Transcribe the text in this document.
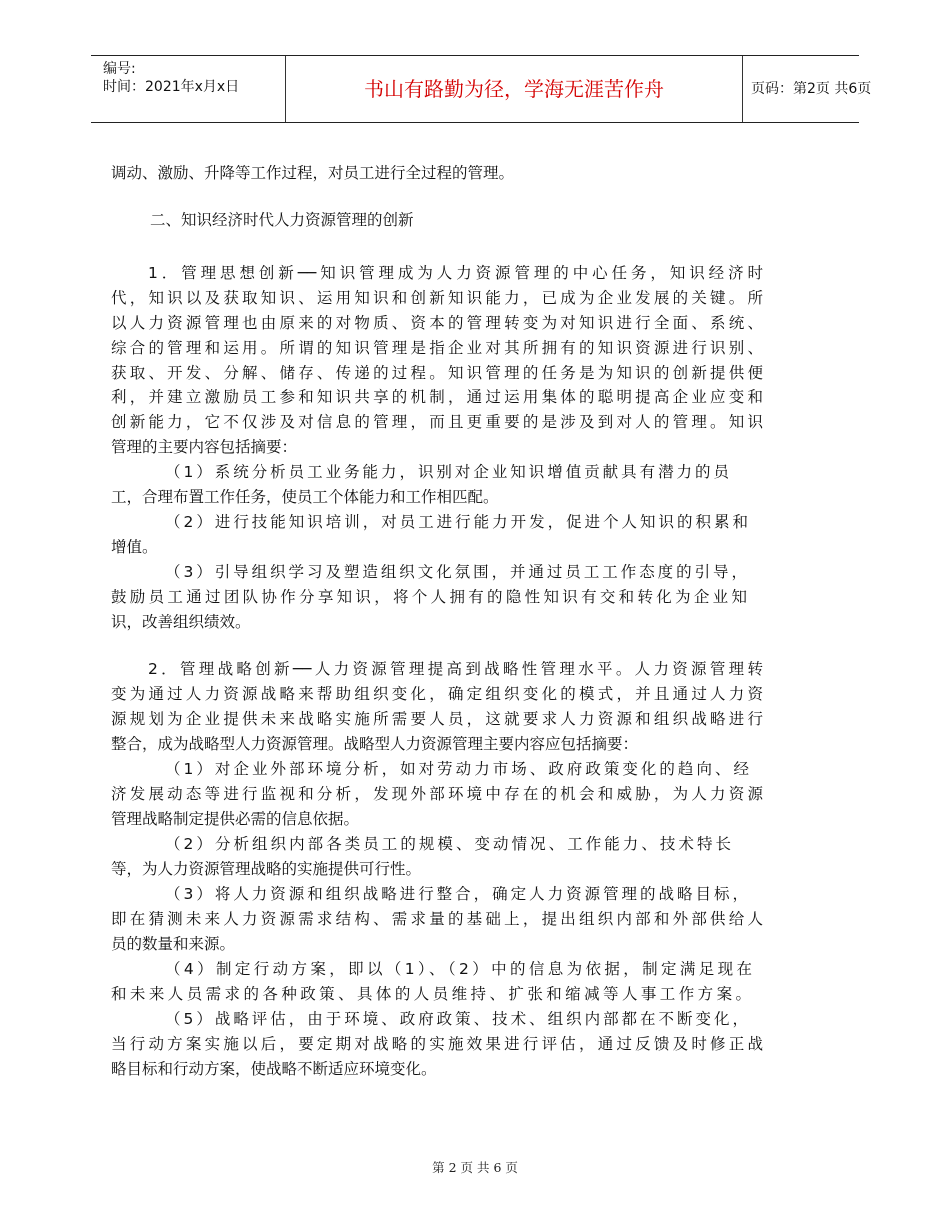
编号:
时间：2021年x月x日	书山有路勤为径，学海无涯苦作舟	页码：第2页 共6页
调动、激励、升降等工作过程，对员工进行全过程的管理。
二、知识经济时代人力资源管理的创新
1．管理思想创新──知识管理成为人力资源管理的中心任务，知识经济时
代，知识以及获取知识、运用知识和创新知识能力，已成为企业发展的关键。所
以人力资源管理也由原来的对物质、资本的管理转变为对知识进行全面、系统、
综合的管理和运用。所谓的知识管理是指企业对其所拥有的知识资源进行识别、
获取、开发、分解、储存、传递的过程。知识管理的任务是为知识的创新提供便
利，并建立激励员工参和知识共享的机制，通过运用集体的聪明提高企业应变和
创新能力，它不仅涉及对信息的管理，而且更重要的是涉及到对人的管理。知识
管理的主要内容包括摘要：
（1）系统分析员工业务能力，识别对企业知识增值贡献具有潜力的员
工，合理布置工作任务，使员工个体能力和工作相匹配。
（2）进行技能知识培训，对员工进行能力开发，促进个人知识的积累和
增值。
（3）引导组织学习及塑造组织文化氛围，并通过员工工作态度的引导，
鼓励员工通过团队协作分享知识，将个人拥有的隐性知识有交和转化为企业知
识，改善组织绩效。
2．管理战略创新──人力资源管理提高到战略性管理水平。人力资源管理转
变为通过人力资源战略来帮助组织变化，确定组织变化的模式，并且通过人力资
源规划为企业提供未来战略实施所需要人员，这就要求人力资源和组织战略进行
整合，成为战略型人力资源管理。战略型人力资源管理主要内容应包括摘要：
（1）对企业外部环境分析，如对劳动力市场、政府政策变化的趋向、经
济发展动态等进行监视和分析，发现外部环境中存在的机会和威胁，为人力资源
管理战略制定提供必需的信息依据。
（2）分析组织内部各类员工的规模、变动情况、工作能力、技术特长
等，为人力资源管理战略的实施提供可行性。
（3）将人力资源和组织战略进行整合，确定人力资源管理的战略目标，
即在猜测未来人力资源需求结构、需求量的基础上，提出组织内部和外部供给人
员的数量和来源。
（4）制定行动方案，即以（1）、（2）中的信息为依据，制定满足现在
和未来人员需求的各种政策、具体的人员维持、扩张和缩减等人事工作方案。
（5）战略评估，由于环境、政府政策、技术、组织内部都在不断变化，
当行动方案实施以后，要定期对战略的实施效果进行评估，通过反馈及时修正战
略目标和行动方案，使战略不断适应环境变化。
第 2 页 共 6 页
